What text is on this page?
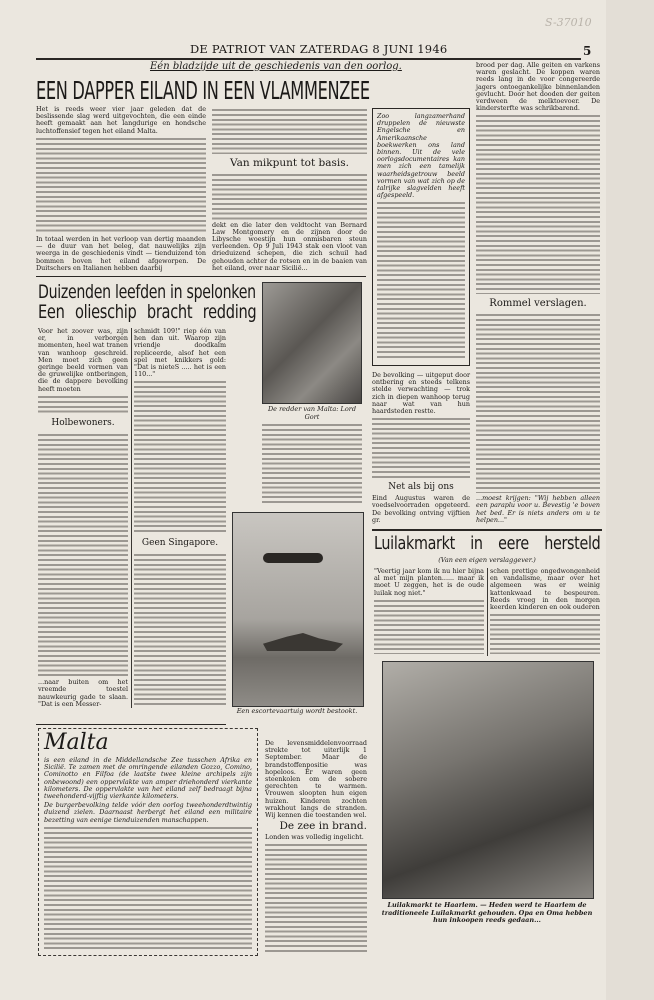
S-37010
DE PATRIOT VAN ZATERDAG 8 JUNI 1946	5
Eén bladzijde uit de geschiedenis van den oorlog.
EEN DAPPER EILAND IN EEN VLAMMENZEE
Het is reeds weer vier jaar geleden dat de beslissende slag werd uitgevochten, die een einde heeft gemaakt aan het langdurige en hondsche luchtoffensief tegen het eiland Malta.
In totaal werden in het verloop van dertig maanden — de duur van het beleg, dat nauwelijks zijn weerga in de geschiedenis vindt — tienduizend ton bommen boven het eiland afgeworpen. De Duitschers en Italianen hebben daarbij
Van mikpunt tot basis.
dekt en die later den veldtocht van Bernard Law Montgomery en de zijnen door de Libysche woestijn hun onmisbaren steun verleenden. Op 9 Juli 1943 stak een vloot van drieduizend schepen, die zich schuil had gehouden achter de rotsen en in de baaien van het eiland, over naar Sicilië...
Zoo langzamerhand druppelen de nieuwste Engelsche en Amerikaansche boekwerken ons land binnen. Uit de vele oorlogsdocumentaires kan men zich een tamelijk waarheidsgetrouw beeld vormen van wat zich op de talrijke slagvelden heeft afgespeeld.
Duizenden leefden in spelonken
Een olieschip bracht redding
Voor het zoover was, zijn er, in verborgen momenten, heel wat tranen van wanhoop geschreid. Men moet zich geen geringe beeld vormen van de gruwelijke ontberingen, die de dappere bevolking heeft moeten
Holbewoners.
...naar buiten om het vreemde toestel nauwkeurig gade te slaan. "Dat is een Messer-
schmidt 109!" riep één van hen dan uit. Waarop zijn vriendje doodkalm repliceerde, alsof het een spel met knikkers gold: "Dat is nieteS ..... het is een 110..."
Geen Singapore.
De redder van Malta: Lord Gort
Een escortevaartuig wordt bestookt.
De bevolking — uitgeput door ontbering en steeds telkens stelde verwachting — trok zich in diepen wanhoop terug naar wat van hun haardsteden restte.
Net als bij ons
Eind Augustus waren de voedselvoorraden opgeteerd. De bevolking ontving vijftien gr.
brood per dag. Alle geiten en varkens waren geslacht. De koppen waren reeds lang in de voor congereerde jagers ontoegankelijke binnenlanden gevlucht. Door het dooden der geiten verdween de melktoevoer. De kindersterfte was schrikbarend.
Rommel verslagen.
...moest krijgen: "Wij hebben alleen een paraplu voor u. Bevestig 'e boven het bed. Er is niets anders om u te helpen..."
Luilakmarkt in eere hersteld
(Van een eigen verslaggever.)
"Veertig jaar kom ik nu hier bijna al met mijn planten...... maar ik moet U zeggen, het is de oude luilak nog niet."
schen prettige ongedwongenheid en vandalisme, maar over het algemeen was er weinig kattenkwaad te bespeuren. Reeds vroeg in den morgen keerden kinderen en ook ouderen
Luilakmarkt te Haarlem. — Heden werd te Haarlem de traditioneele Luilakmarkt gehouden. Opa en Oma hebben hun inkoopen reeds gedaan...
Malta
is een eiland in de Middellandsche Zee tusschen Afrika en Sicilië. Te zamen met de omringende eilanden Gozzo, Comino, Cominotto en Filfoa (de laatste twee kleine archipels zijn onbewoond) een oppervlakte van amper driehonderd vierkante kilometers. De oppervlakte van het eiland zelf bedraagt bijna tweehonderd-vijftig vierkante kilometers.
De burgerbevolking telde vóór den oorlog tweehonderdtwintig duizend zielen. Daarnaast herbergt het eiland een militaire bezetting van eenige tienduizenden manschappen.
De levensmiddelenvoorraad strekte tot uiterlijk 1 September. Maar de brandstoffenpositie was hopeloos. Er waren geen steenkolen om de sobere gerechten te warmen. Vrouwen sloopten hun eigen huizen. Kinderen zochten wrakhout langs de stranden. Wij kennen die toestanden wel.
De zee in brand.
Londen was volledig ingelicht.
